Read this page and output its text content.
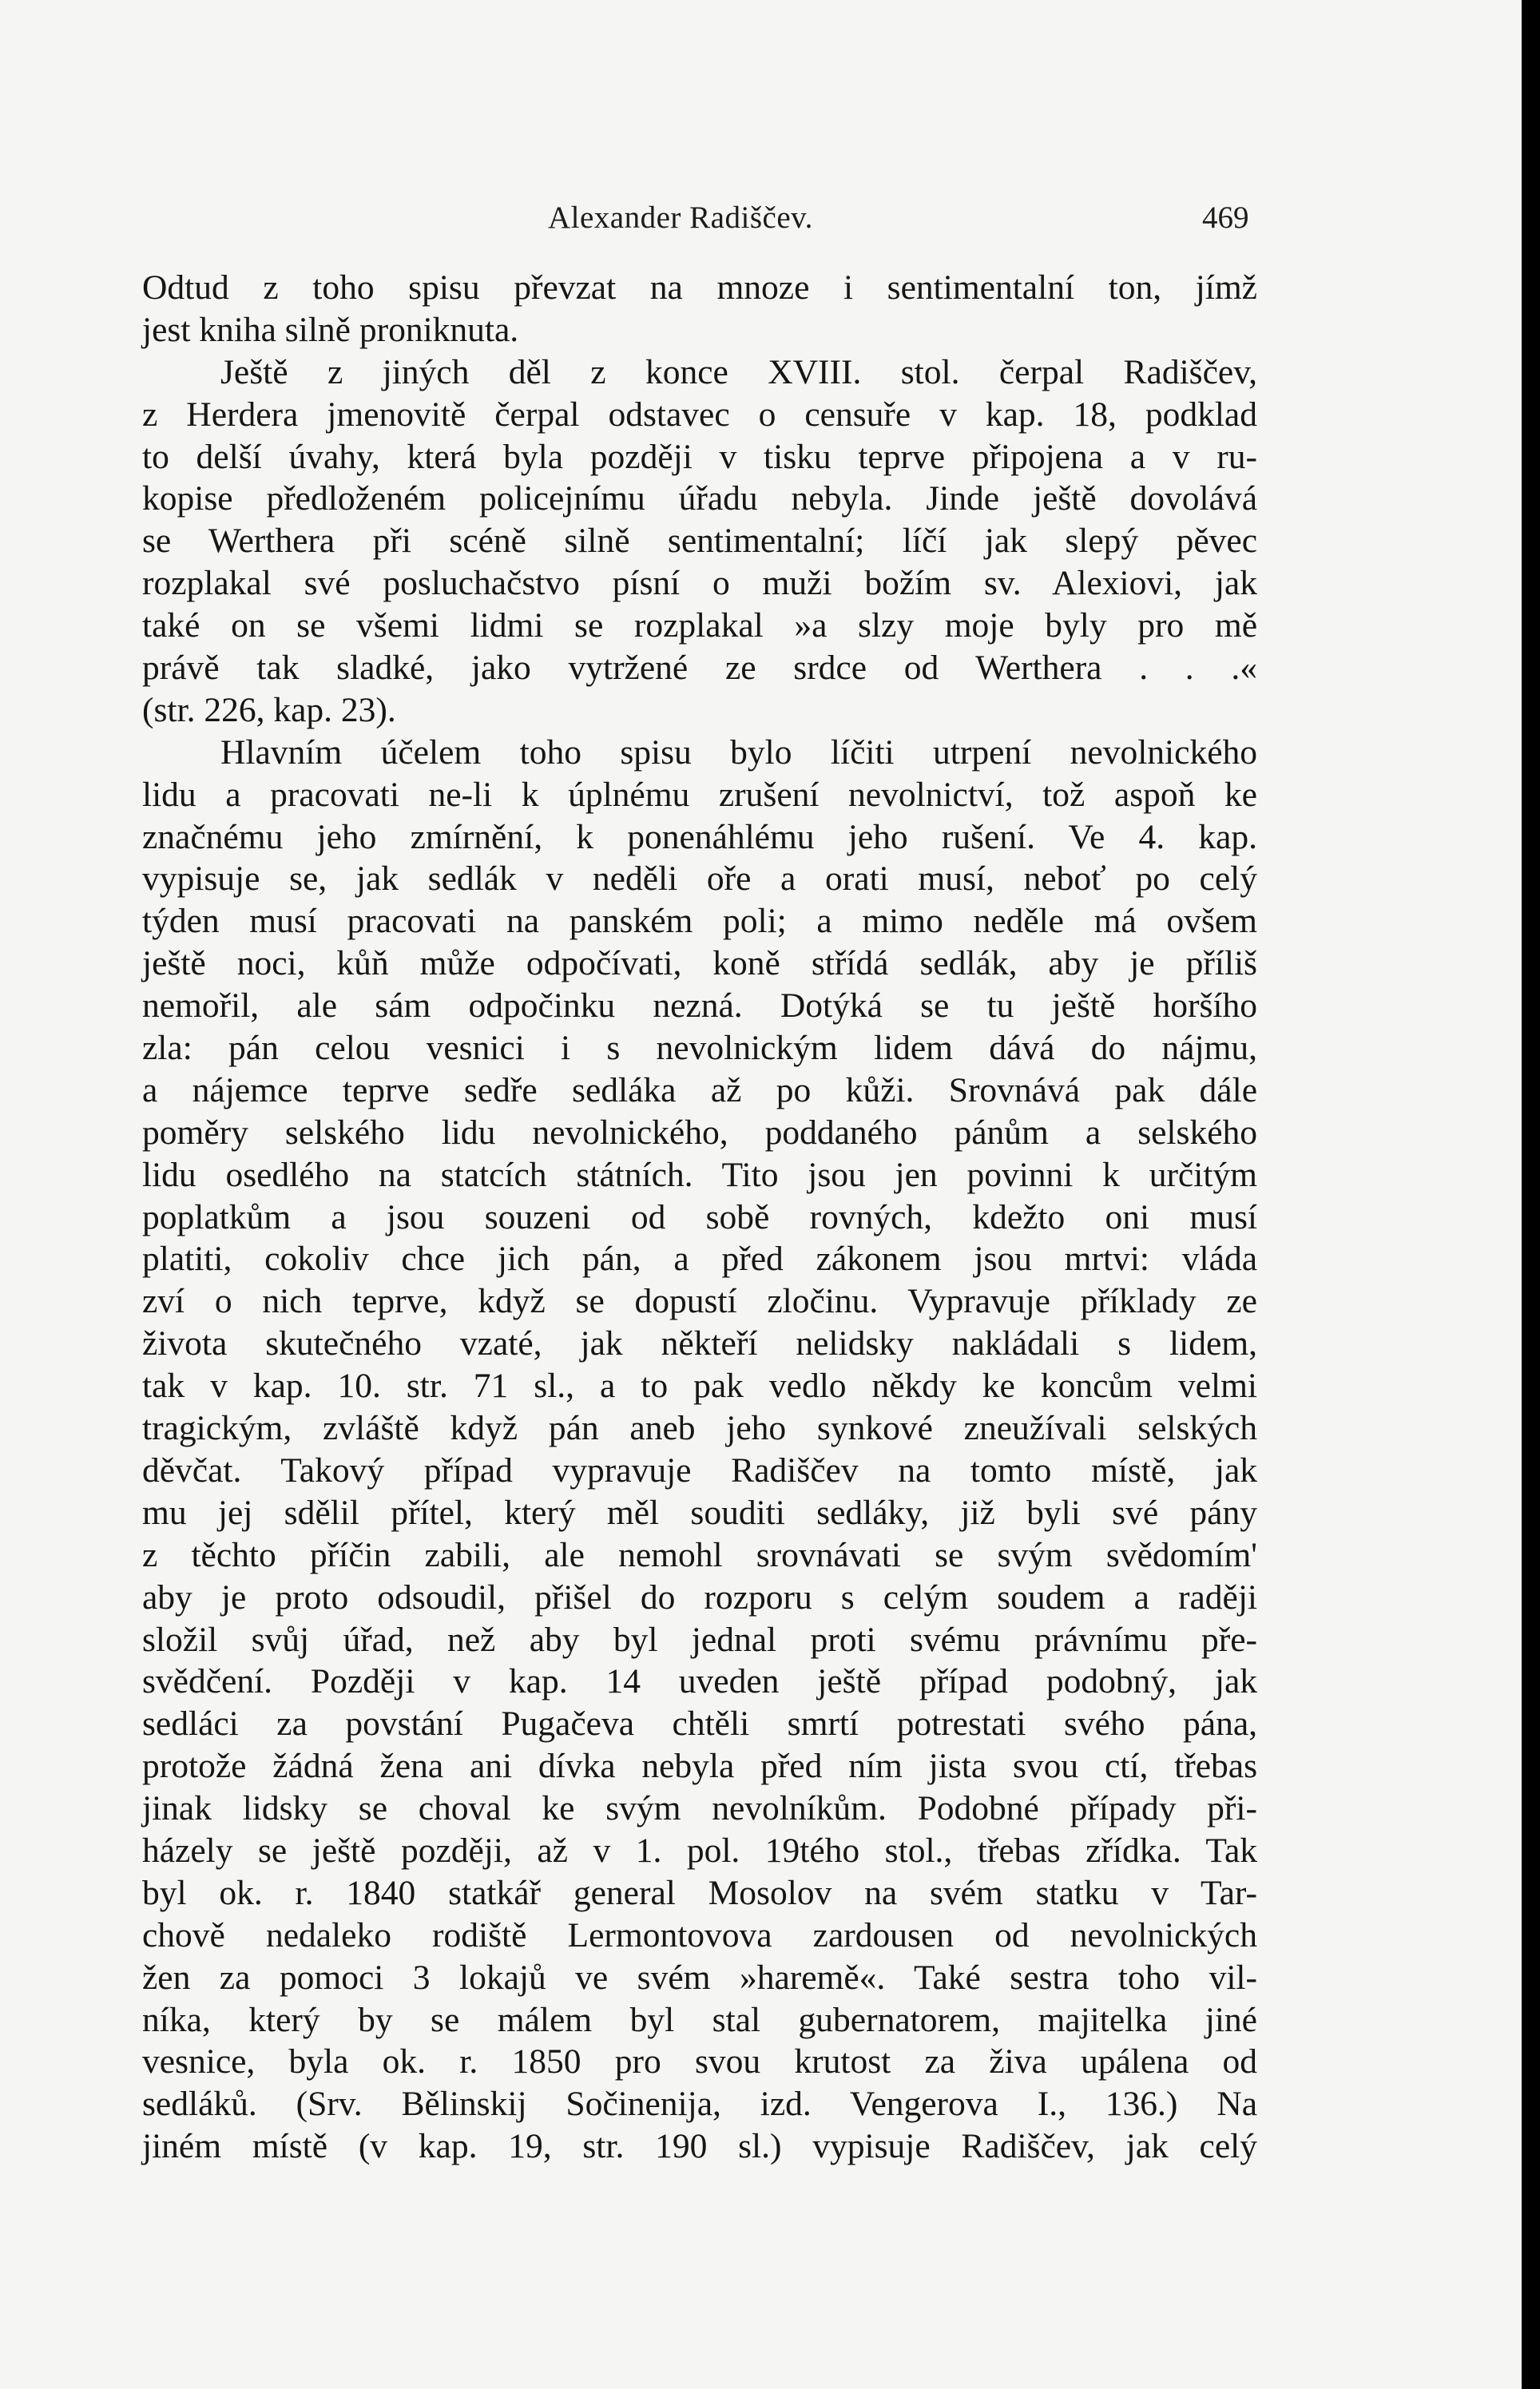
Alexander Radiščev.	469
Odtud z toho spisu převzat na mnoze i sentimentalní ton, jímž
jest kniha silně proniknuta.
Ještě z jiných děl z konce XVIII. stol. čerpal Radiščev,
z Herdera jmenovitě čerpal odstavec o censuře v kap. 18, podklad
to delší úvahy, která byla později v tisku teprve připojena a v ru-
kopise předloženém policejnímu úřadu nebyla. Jinde ještě dovolává
se Werthera při scéně silně sentimentalní; líčí jak slepý pěvec
rozplakal své posluchačstvo písní o muži božím sv. Alexiovi, jak
také on se všemi lidmi se rozplakal »a slzy moje byly pro mě
právě tak sladké, jako vytržené ze srdce od Werthera . . .«
(str. 226, kap. 23).
Hlavním účelem toho spisu bylo líčiti utrpení nevolnického
lidu a pracovati ne-li k úplnému zrušení nevolnictví, tož aspoň ke
značnému jeho zmírnění, k ponenáhlému jeho rušení. Ve 4. kap.
vypisuje se, jak sedlák v neděli oře a orati musí, neboť po celý
týden musí pracovati na panském poli; a mimo neděle má ovšem
ještě noci, kůň může odpočívati, koně střídá sedlák, aby je příliš
nemořil, ale sám odpočinku nezná. Dotýká se tu ještě horšího
zla: pán celou vesnici i s nevolnickým lidem dává do nájmu,
a nájemce teprve sedře sedláka až po kůži. Srovnává pak dále
poměry selského lidu nevolnického, poddaného pánům a selského
lidu osedlého na statcích státních. Tito jsou jen povinni k určitým
poplatkům a jsou souzeni od sobě rovných, kdežto oni musí
platiti, cokoliv chce jich pán, a před zákonem jsou mrtvi: vláda
zví o nich teprve, když se dopustí zločinu. Vypravuje příklady ze
života skutečného vzaté, jak někteří nelidsky nakládali s lidem,
tak v kap. 10. str. 71 sl., a to pak vedlo někdy ke koncům velmi
tragickým, zvláště když pán aneb jeho synkové zneužívali selských
děvčat. Takový případ vypravuje Radiščev na tomto místě, jak
mu jej sdělil přítel, který měl souditi sedláky, již byli své pány
z těchto příčin zabili, ale nemohl srovnávati se svým svědomím'
aby je proto odsoudil, přišel do rozporu s celým soudem a raději
složil svůj úřad, než aby byl jednal proti svému právnímu pře-
svědčení. Později v kap. 14 uveden ještě případ podobný, jak
sedláci za povstání Pugačeva chtěli smrtí potrestati svého pána,
protože žádná žena ani dívka nebyla před ním jista svou ctí, třebas
jinak lidsky se choval ke svým nevolníkům. Podobné případy při-
házely se ještě později, až v 1. pol. 19tého stol., třebas zřídka. Tak
byl ok. r. 1840 statkář general Mosolov na svém statku v Tar-
chově nedaleko rodiště Lermontovova zardousen od nevolnických
žen za pomoci 3 lokajů ve svém »haremě«. Také sestra toho vil-
níka, který by se málem byl stal gubernatorem, majitelka jiné
vesnice, byla ok. r. 1850 pro svou krutost za živa upálena od
sedláků. (Srv. Bělinskij Sočinenija, izd. Vengerova I., 136.) Na
jiném místě (v kap. 19, str. 190 sl.) vypisuje Radiščev, jak celý
